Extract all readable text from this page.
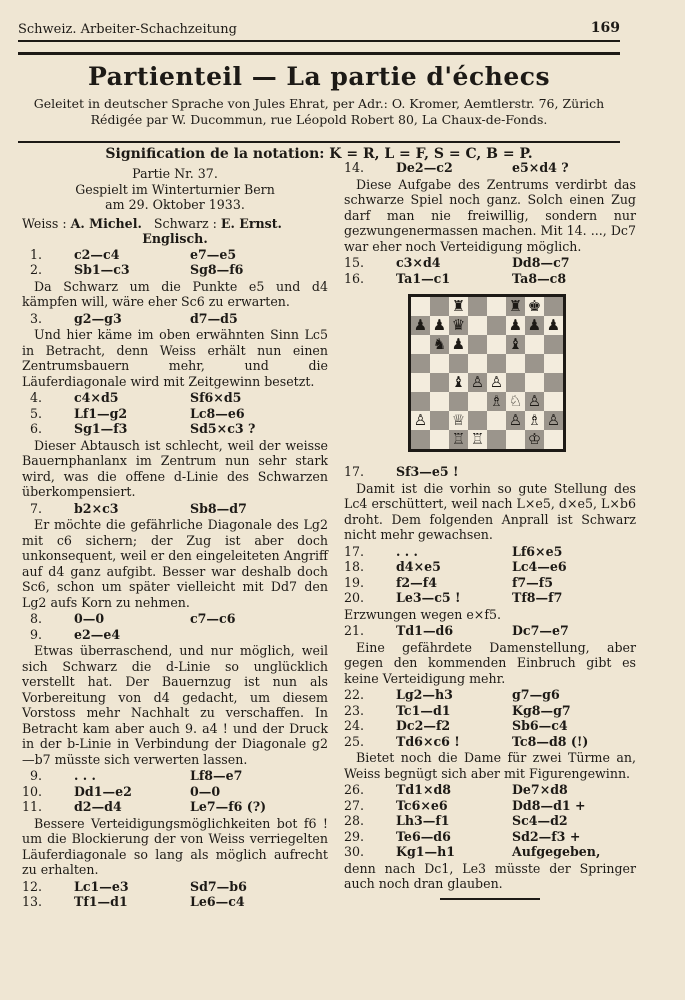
Schweiz. Arbeiter-Schachzeitung	169
Partienteil — La partie d'échecs
Geleitet in deutscher Sprache von Jules Ehrat, per Adr.: O. Kromer, Aemtlerstr. 76, Zürich
Rédigée par W. Ducommun, rue Léopold Robert 80, La Chaux-de-Fonds.
Signification de la notation: K = R, L = F, S = C, B = P.
Partie Nr. 37.
Gespielt im Winterturnier Bern
am 29. Oktober 1933.
Weiss : A. Michel. Schwarz : E. Ernst.
Englisch.
1.	c2—c4	e7—e5
2.	Sb1—c3	Sg8—f6
Da Schwarz um die Punkte e5 und d4 kämpfen will, wäre eher Sc6 zu erwarten.
3.	g2—g3	d7—d5
Und hier käme im oben erwähnten Sinn Lc5 in Betracht, denn Weiss erhält nun einen Zentrumsbauern mehr, und die Läuferdiagonale wird mit Zeitgewinn besetzt.
4.	c4×d5	Sf6×d5
5.	Lf1—g2	Lc8—e6
6.	Sg1—f3	Sd5×c3 ?
Dieser Abtausch ist schlecht, weil der weisse Bauernphanlanx im Zentrum nun sehr stark wird, was die offene d-Linie des Schwarzen überkompensiert.
7.	b2×c3	Sb8—d7
Er möchte die gefährliche Diagonale des Lg2 mit c6 sichern; der Zug ist aber doch unkonsequent, weil er den eingeleiteten Angriff auf d4 ganz aufgibt. Besser war deshalb doch Sc6, schon um später vielleicht mit Dd7 den Lg2 aufs Korn zu nehmen.
8.	0—0	c7—c6
9.	e2—e4
Etwas überraschend, und nur möglich, weil sich Schwarz die d-Linie so unglücklich verstellt hat. Der Bauernzug ist nun als Vorbereitung von d4 gedacht, um diesem Vorstoss mehr Nachhalt zu verschaffen. In Betracht kam aber auch 9. a4 ! und der Druck in der b-Linie in Verbindung der Diagonale g2—b7 müsste sich verwerten lassen.
9.	. . .	Lf8—e7
10.	Dd1—e2	0—0
11.	d2—d4	Le7—f6 (?)
Bessere Verteidigungsmöglichkeiten bot f6 ! um die Blockierung der von Weiss verriegelten Läuferdiagonale so lang als möglich aufrecht zu erhalten.
12.	Lc1—e3	Sd7—b6
13.	Tf1—d1	Le6—c4
14.	De2—c2	e5×d4 ?
Diese Aufgabe des Zentrums verdirbt das schwarze Spiel noch ganz. Solch einen Zug darf man nie freiwillig, sondern nur gezwungenermassen machen. Mit 14. ..., Dc7 war eher noch Verteidigung möglich.
15.	c3×d4	Dd8—c7
16.	Ta1—c1	Ta8—c8
♜	♜ ♚
♟ ♟ ♛	♟ ♟ ♟
♞ ♟	♝
♝ ♙ ♙
♗ ♘ ♙
♙ ♕	♙ ♗ ♙
♖ ♖	♔
17.	Sf3—e5 !
Damit ist die vorhin so gute Stellung des Lc4 erschüttert, weil nach L×e5, d×e5, L×b6 droht. Dem folgenden Anprall ist Schwarz nicht mehr gewachsen.
17.	. . .	Lf6×e5
18.	d4×e5	Lc4—e6
19.	f2—f4	f7—f5
20.	Le3—c5 !	Tf8—f7
Erzwungen wegen e×f5.
21.	Td1—d6	Dc7—e7
Eine gefährdete Damenstellung, aber gegen den kommenden Einbruch gibt es keine Verteidigung mehr.
22.	Lg2—h3	g7—g6
23.	Tc1—d1	Kg8—g7
24.	Dc2—f2	Sb6—c4
25.	Td6×c6 !	Tc8—d8 (!)
Bietet noch die Dame für zwei Türme an, Weiss begnügt sich aber mit Figurengewinn.
26.	Td1×d8	De7×d8
27.	Tc6×e6	Dd8—d1 +
28.	Lh3—f1	Sc4—d2
29.	Te6—d6	Sd2—f3 +
30.	Kg1—h1	Aufgegeben,
denn nach Dc1, Le3 müsste der Springer auch noch dran glauben.
